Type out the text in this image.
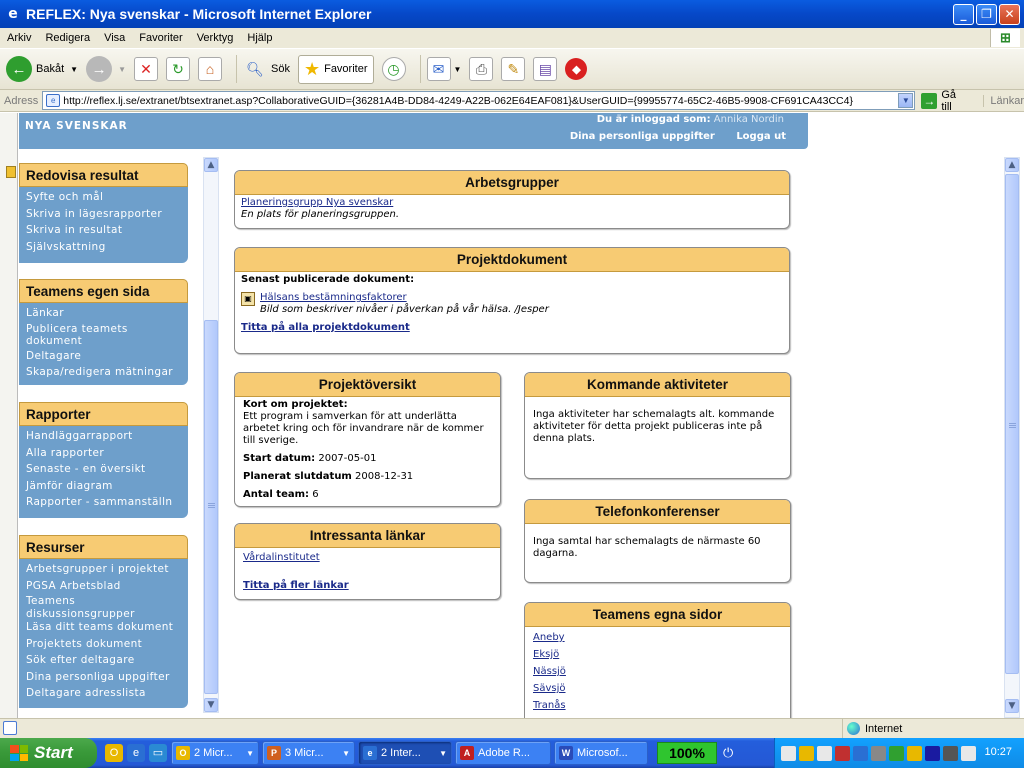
e REFLEX: Nya svenskar - Microsoft Internet Explorer	_	❐	✕
Arkiv	Redigera	Visa	Favoriter	Verktyg	Hjälp	⊞
← Bakåt ▼ →	▼	✕	↻	⌂	🔍︎ Sök ★ Favoriter	◷	✉	▼	⎙	✎	▤	◆
Adress	e http://reflex.lj.se/extranet/btsextranet.asp?CollaborativeGUID={36281A4B-DD84-4249-A22B-062E64EAF081}&UserGUID={99955774-65C2-46B5-9908-CF691CA43CC4}	▼ → Gå till	Länkar
NYA SVENSKAR
Du är inloggad som: Annika Nordin
Dina personliga uppgifter Logga ut
Redovisa resultat
Syfte och mål
Skriva in lägesrapporter
Skriva in resultat
Självskattning
Teamens egen sida
Länkar
Publicera teamets dokument
Deltagare
Skapa/redigera mätningar
Rapporter
Handläggarrapport
Alla rapporter
Senaste - en översikt
Jämför diagram
Rapporter - sammanställn
Resurser
Arbetsgrupper i projektet
PGSA Arbetsblad
Teamens diskussionsgrupper
Läsa ditt teams dokument
Projektets dokument
Sök efter deltagare
Dina personliga uppgifter
Deltagare adresslista
▲
▼
Arbetsgrupper
Planeringsgrupp Nya svenskar
En plats för planeringsgruppen.
Projektdokument
Senast publicerade dokument:
▣ Hälsans bestämningsfaktorer
Bild som beskriver nivåer i påverkan på vår hälsa. /Jesper
Titta på alla projektdokument
Projektöversikt
Kort om projektet:
Ett program i samverkan för att underlätta arbetet kring och för invandrare när de kommer till sverige.
Start datum: 2007-05-01
Planerat slutdatum 2008-12-31
Antal team: 6
Kommande aktiviteter
Inga aktiviteter har schemalagts alt. kommande aktiviteter för detta projekt publiceras inte på denna plats.
Intressanta länkar
Vårdalinstitutet
Titta på fler länkar
Telefonkonferenser
Inga samtal har schemalagts de närmaste 60 dagarna.
Teamens egna sidor
Aneby
Eksjö
Nässjö
Sävsjö
Tranås
▲
▼
Internet
Start	O	e	▭	O 2 Micr...	▼	P 3 Micr...	▼	e 2 Inter...	▼	A Adobe R...	W Microsof...	100%	⏻	10:27
